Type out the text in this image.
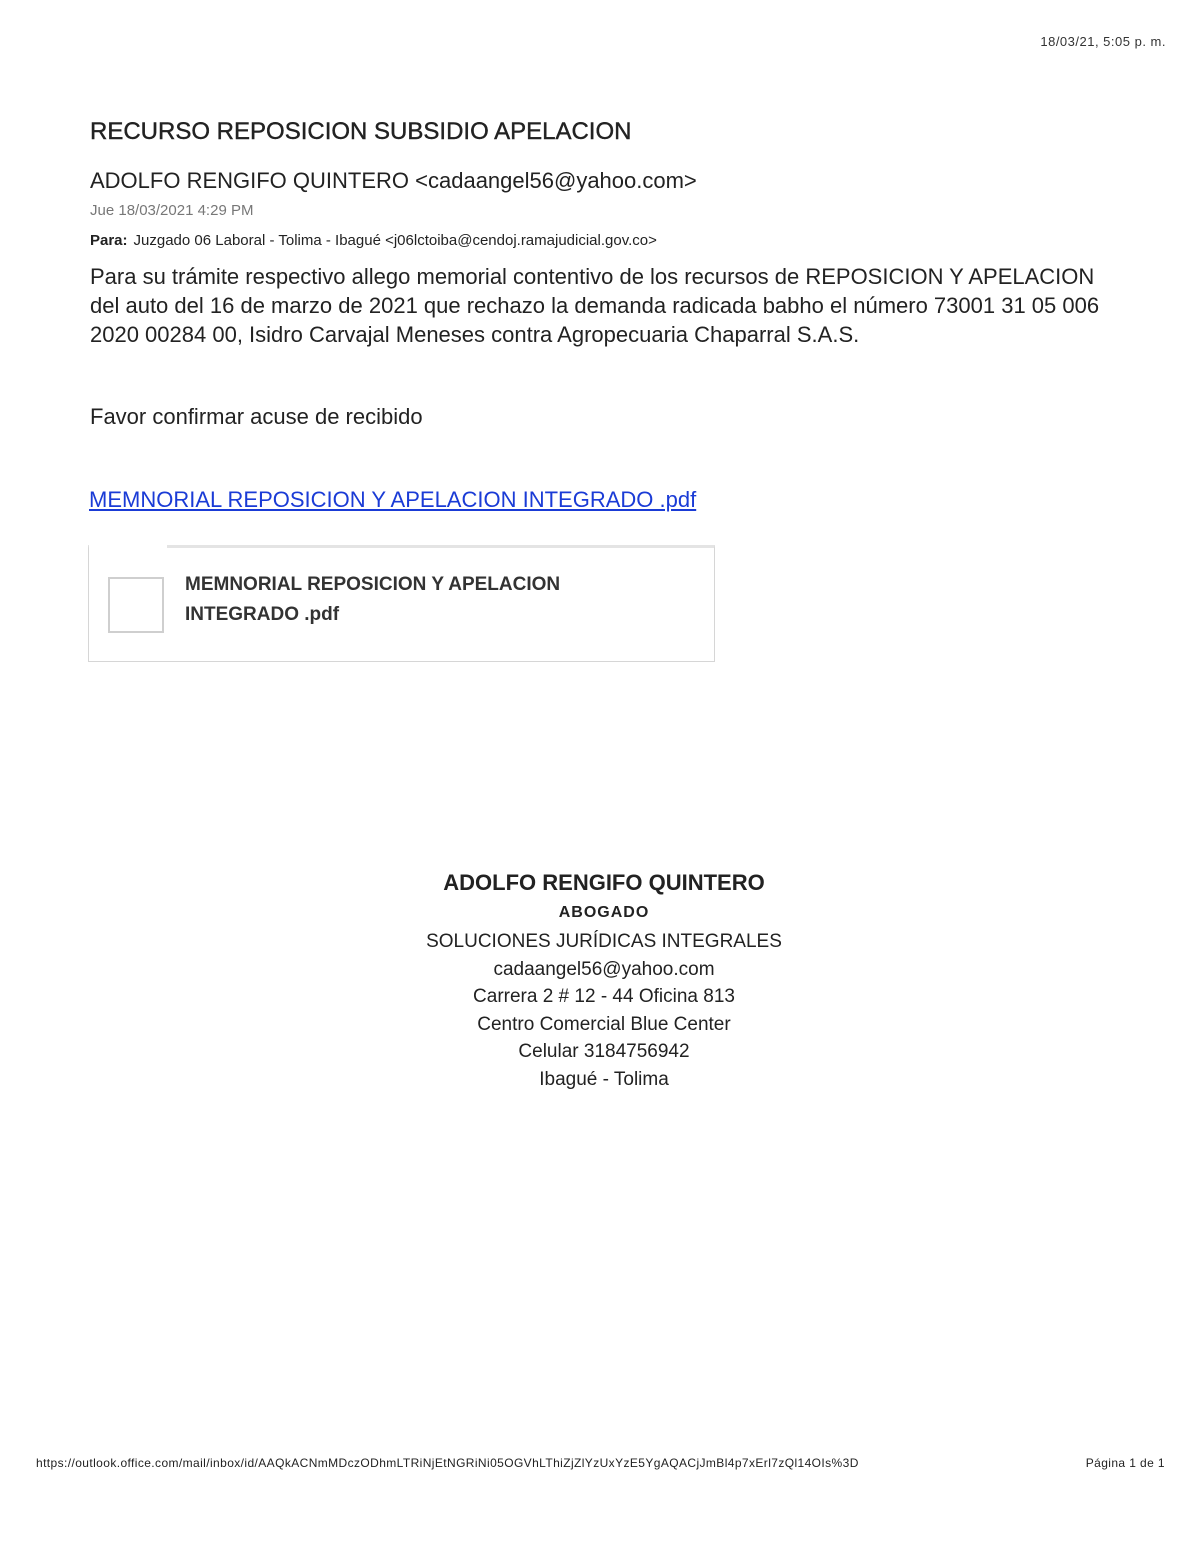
18/03/21, 5:05 p. m.
RECURSO REPOSICION SUBSIDIO APELACION
ADOLFO RENGIFO QUINTERO <cadaangel56@yahoo.com>
Jue 18/03/2021 4:29 PM
Para: Juzgado 06 Laboral - Tolima - Ibagué <j06lctoiba@cendoj.ramajudicial.gov.co>
Para su trámite respectivo allego memorial contentivo de los recursos de REPOSICION Y APELACION del auto del 16 de marzo de 2021 que rechazo la demanda radicada babho el número 73001 31 05 006 2020 00284 00, Isidro Carvajal Meneses contra Agropecuaria Chaparral S.A.S.
Favor confirmar acuse de recibido
MEMNORIAL REPOSICION Y APELACION INTEGRADO .pdf
MEMNORIAL REPOSICION Y APELACION
INTEGRADO .pdf
ADOLFO RENGIFO QUINTERO
ABOGADO
SOLUCIONES JURÍDICAS INTEGRALES
cadaangel56@yahoo.com
Carrera 2 # 12 - 44 Oficina 813
Centro Comercial Blue Center
Celular 3184756942
Ibagué - Tolima
https://outlook.office.com/mail/inbox/id/AAQkACNmMDczODhmLTRiNjEtNGRiNi05OGVhLThiZjZlYzUxYzE5YgAQACjJmBl4p7xErl7zQl14OIs%3D	Página 1 de 1
